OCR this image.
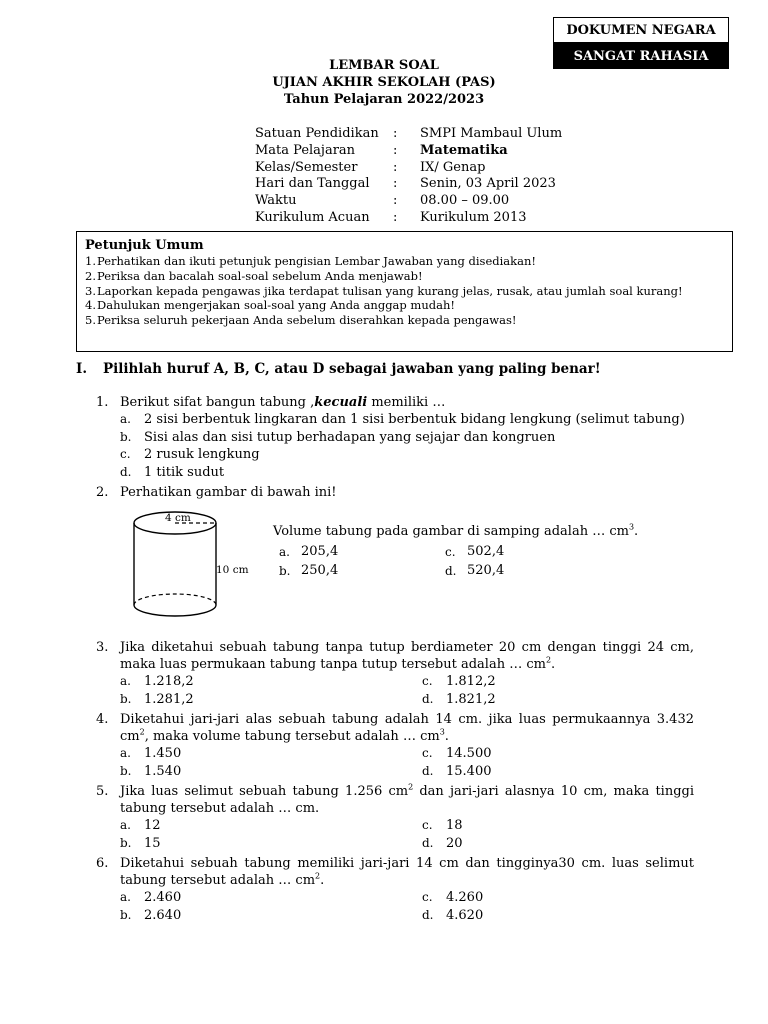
DOKUMEN NEGARA
SANGAT RAHASIA
LEMBAR SOAL
UJIAN AKHIR SEKOLAH (PAS)
Tahun Pelajaran 2022/2023
Satuan Pendidikan	:	SMPI Mambaul Ulum
Mata Pelajaran	:	Matematika
Kelas/Semester	:	IX/ Genap
Hari dan Tanggal	:	Senin, 03 April 2023
Waktu	:	08.00 – 09.00
Kurikulum Acuan	:	Kurikulum 2013
Petunjuk Umum
1. Perhatikan dan ikuti petunjuk pengisian Lembar Jawaban yang disediakan!
2. Periksa dan bacalah soal-soal sebelum Anda menjawab!
3. Laporkan kepada pengawas jika terdapat tulisan yang kurang jelas, rusak, atau jumlah soal kurang!
4. Dahulukan mengerjakan soal-soal yang Anda anggap mudah!
5. Periksa seluruh pekerjaan Anda sebelum diserahkan kepada pengawas!
I.	Pilihlah huruf A, B, C, atau D sebagai jawaban yang paling benar!
1. Berikut sifat bangun tabung ,kecuali memiliki …
a.	2 sisi berbentuk lingkaran dan 1 sisi berbentuk bidang lengkung (selimut tabung)
b. Sisi alas dan sisi tutup berhadapan yang sejajar dan kongruen
c.	2 rusuk lengkung
d. 1 titik sudut
2. Perhatikan gambar di bawah ini!
4 cm
10 cm
Volume tabung pada gambar di samping adalah … $cm^3$.
a. 205,4	c. 502,4
b. 250,4	d. 520,4
3. Jika diketahui sebuah tabung tanpa tutup berdiameter 20 cm dengan tinggi 24 cm, maka luas permukaan tabung tanpa tutup tersebut adalah … $cm^2$.
a.	1.218,2	c.	1.812,2
b. 1.281,2	d. 1.821,2
4. Diketahui jari-jari alas sebuah tabung adalah 14 cm. jika luas permukaannya 3.432 $cm^2$, maka volume tabung tersebut adalah … $cm^3$.
a.	1.450	c.	14.500
b. 1.540	d. 15.400
5. Jika luas selimut sebuah tabung 1.256 $cm^2$ dan jari-jari alasnya 10 cm, maka tinggi tabung tersebut adalah … cm.
a.	12	c.	18
b. 15	d. 20
6. Diketahui sebuah tabung memiliki jari-jari 14 cm dan tingginya30 cm. luas selimut tabung tersebut adalah … $cm^2$.
a.	2.460	c.	4.260
b. 2.640	d. 4.620
